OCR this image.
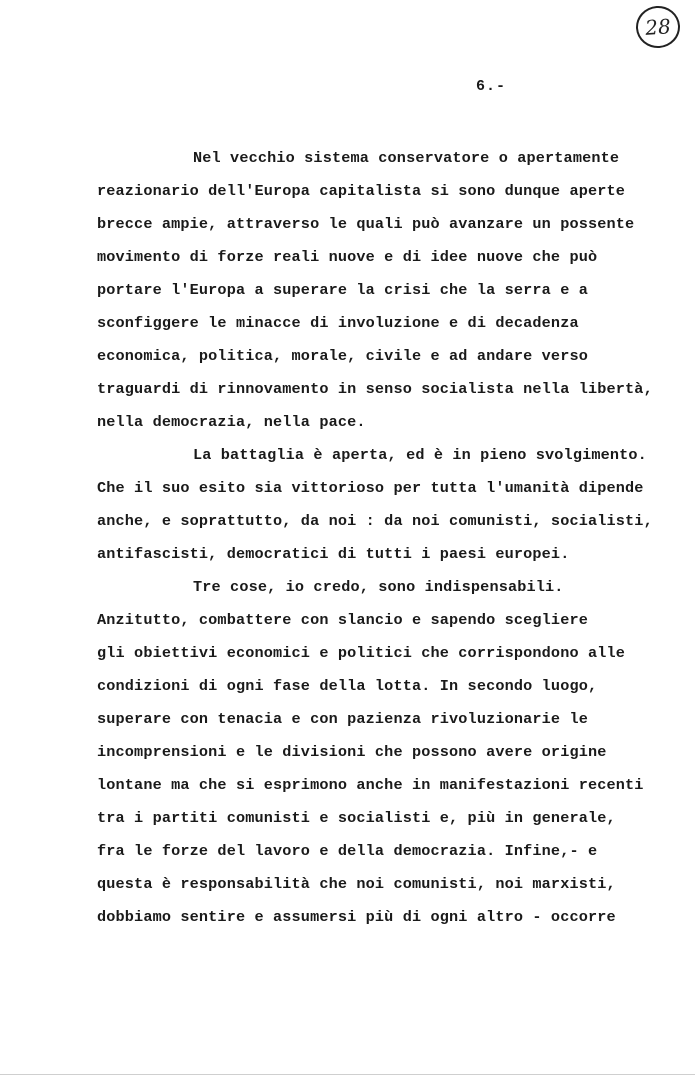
28
6.-
Nel vecchio sistema conservatore o apertamente
reazionario dell'Europa capitalista si sono dunque aperte
brecce ampie, attraverso le quali può avanzare un possente
movimento di forze reali nuove e di idee nuove che può
portare l'Europa a superare la crisi che la serra e a
sconfiggere le minacce di involuzione e di decadenza
economica, politica, morale, civile e ad andare verso
traguardi di rinnovamento in senso socialista nella libertà,
nella democrazia, nella pace.
La battaglia è aperta, ed è in pieno svolgimento.
Che il suo esito sia vittorioso per tutta l'umanità dipende
anche, e soprattutto, da noi : da noi comunisti, socialisti,
antifascisti, democratici di tutti i paesi europei.
Tre cose, io credo, sono indispensabili.
Anzitutto, combattere con slancio e sapendo scegliere
gli obiettivi economici e politici che corrispondono alle
condizioni di ogni fase della lotta. In secondo luogo,
superare con tenacia e con pazienza rivoluzionarie le
incomprensioni e le divisioni che possono avere origine
lontane ma che si esprimono anche in manifestazioni recenti
tra i partiti comunisti e socialisti e, più in generale,
fra le forze del lavoro e della democrazia. Infine,- e
questa è responsabilità che noi comunisti, noi marxisti,
dobbiamo sentire e assumersi più di ogni altro - occorre
